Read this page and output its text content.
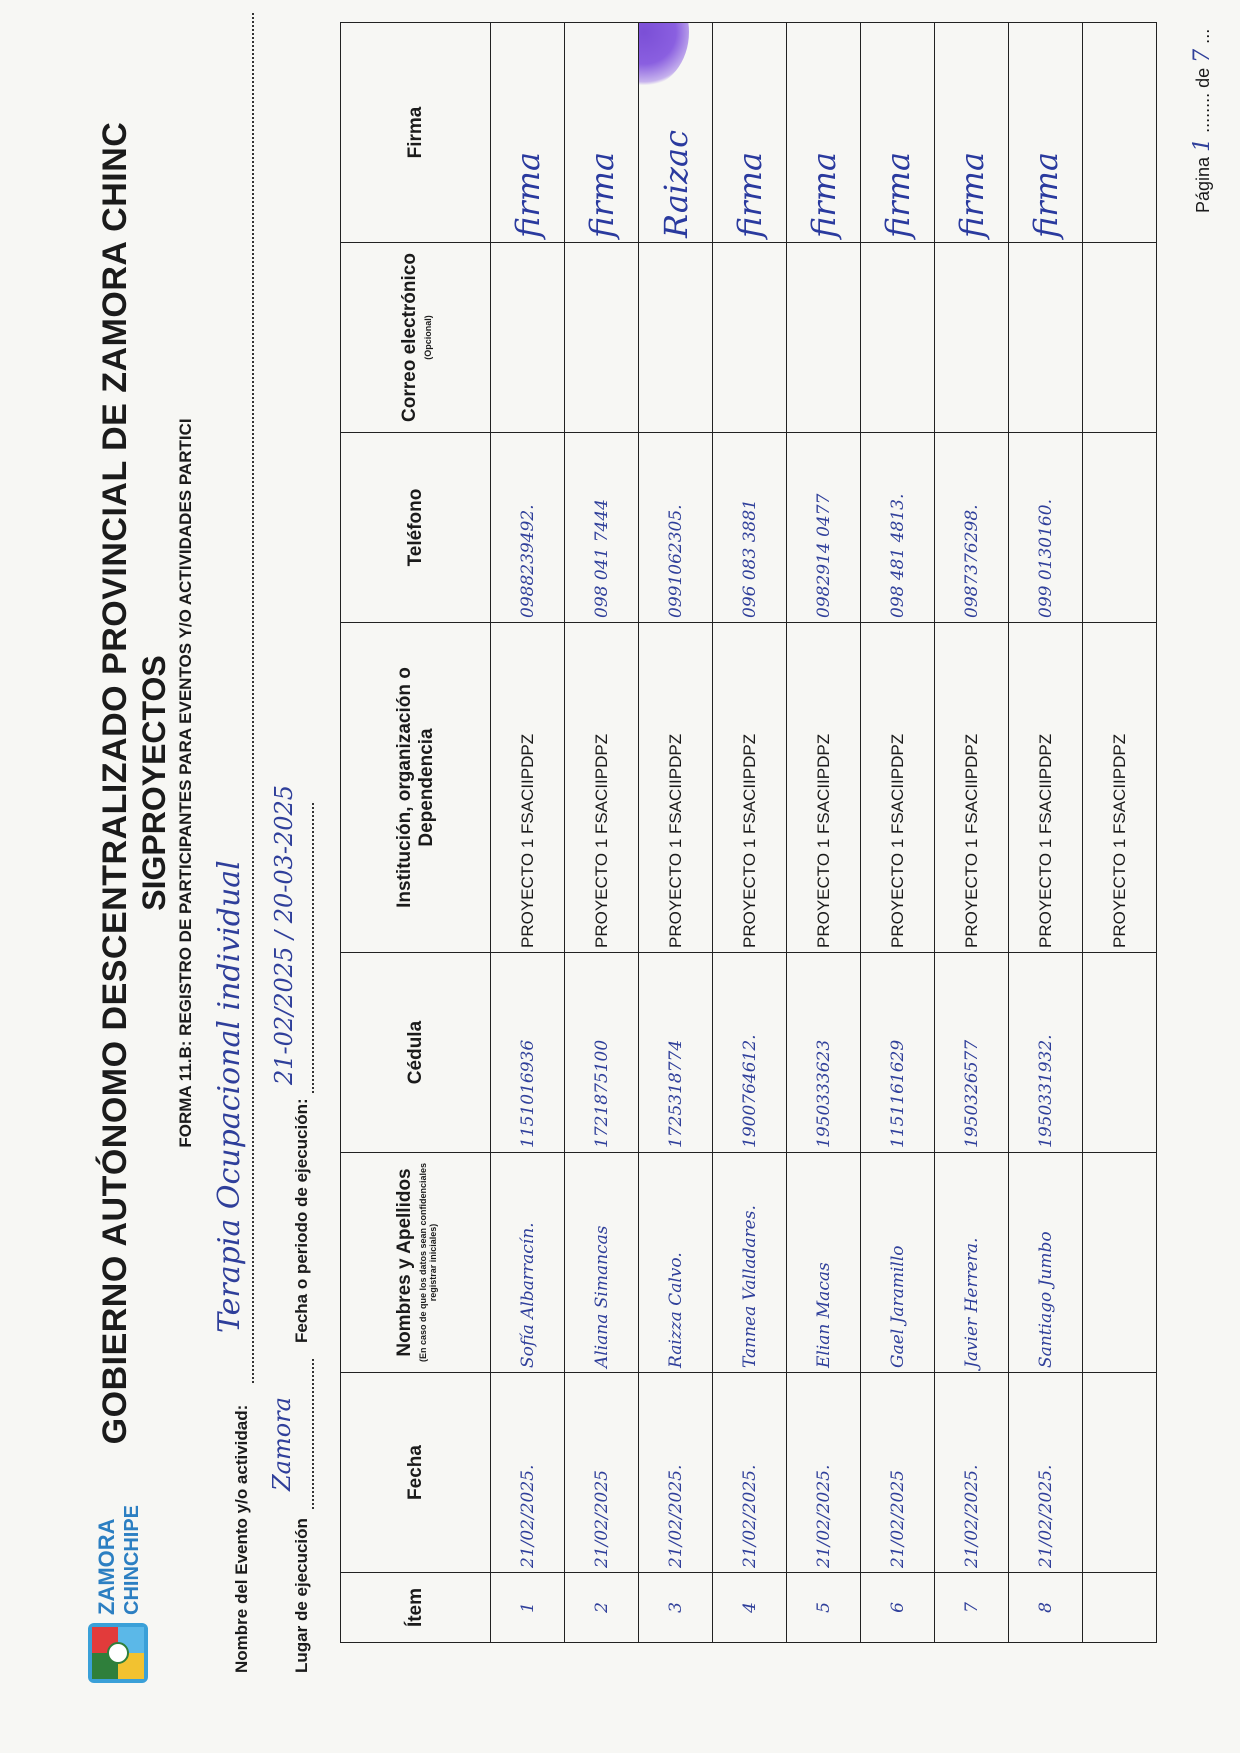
ZAMORA CHINCHIPE
GOBIERNO AUTÓNOMO DESCENTRALIZADO PROVINCIAL DE ZAMORA CHINC SIGPROYECTOS FORMA 11.B: REGISTRO DE PARTICIPANTES PARA EVENTOS Y/O ACTIVIDADES PARTICI
Nombre del Evento y/o actividad:
Terapia Ocupacional individual
Lugar de ejecución
Zamora
Fecha o periodo de ejecución:
21-02/2025 / 20-03-2025
Ítem	Fecha	Nombres y Apellidos (En caso de que los datos sean confidenciales registrar iniciales)	Cédula	Institución, organización o Dependencia	Teléfono	Correo electrónico (Opcional)	Firma
1	21/02/2025.	Sofía Albarracín.	1151016936	PROYECTO 1 FSACIIPDPZ	0988239492.		firma
2	21/02/2025	Aliana Simancas	1721875100	PROYECTO 1 FSACIIPDPZ	098 041 7444		firma
3	21/02/2025.	Raizza Calvo.	1725318774	PROYECTO 1 FSACIIPDPZ	0991062305.		Raizac

4	21/02/2025.	Tannea Valladares.	1900764612.	PROYECTO 1 FSACIIPDPZ	096 083 3881		firma
5	21/02/2025.	Elian Macas	1950333623	PROYECTO 1 FSACIIPDPZ	0982914 0477		firma
6	21/02/2025	Gael Jaramillo	1151161629	PROYECTO 1 FSACIIPDPZ	098 481 4813.		firma
7	21/02/2025.	Javier Herrera.	1950326577	PROYECTO 1 FSACIIPDPZ	0987376298.		firma
8	21/02/2025.	Santiago Jumbo	1950331932.	PROYECTO 1 FSACIIPDPZ	099 0130160.		firma
				PROYECTO 1 FSACIIPDPZ			
Página 1 ........ de 7 ...
